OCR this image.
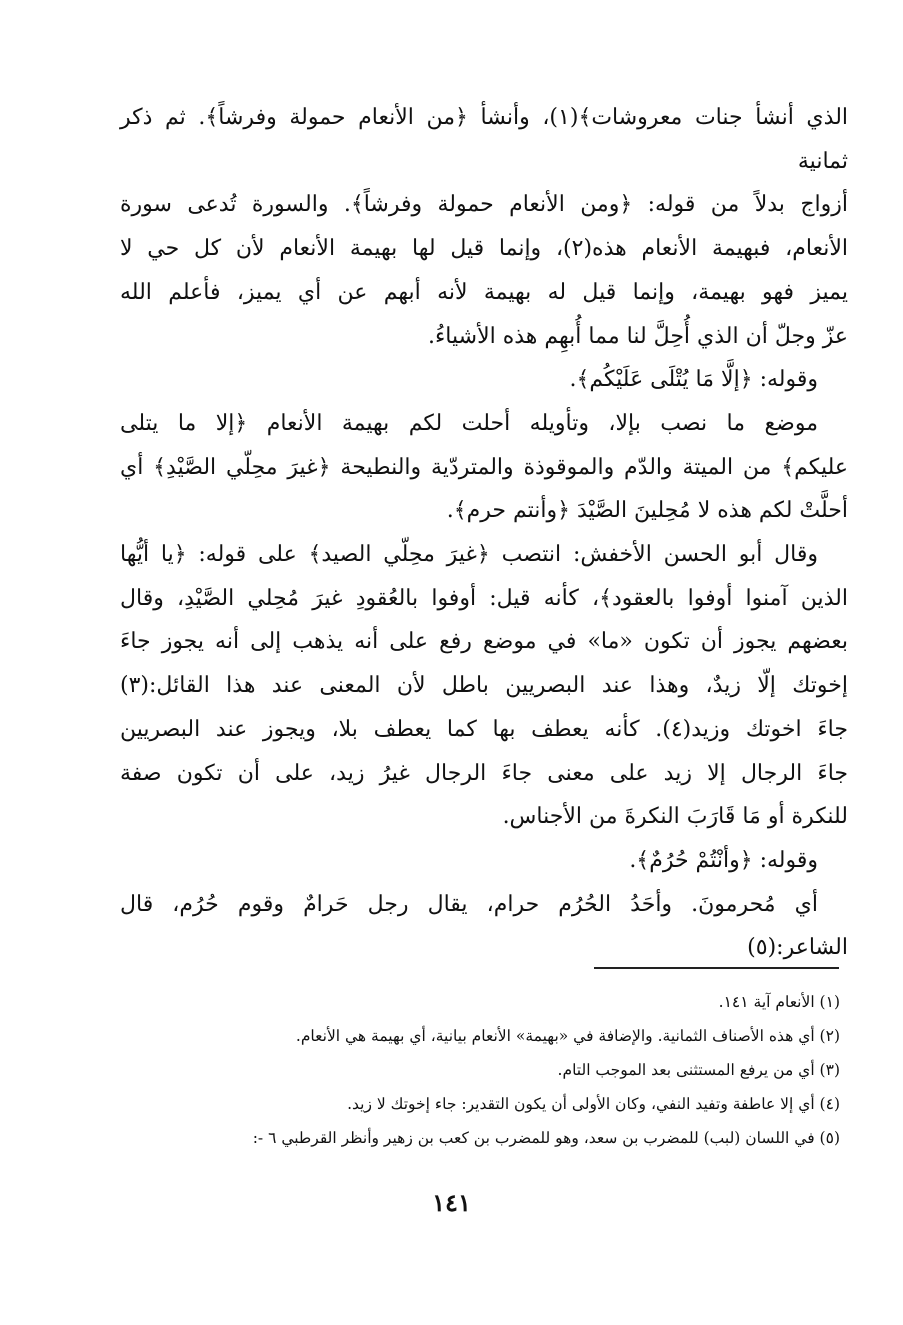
الذي أنشأ جنات معروشات﴾(١)، وأنشأ ﴿من الأنعام حمولة وفرشاً﴾. ثم ذكر ثمانية
أزواج بدلاً من قوله: ﴿ومن الأنعام حمولة وفرشاً﴾. والسورة تُدعى سورة
الأنعام، فبهيمة الأنعام هذه(٢)، وإنما قيل لها بهيمة الأنعام لأن كل حي لا
يميز فهو بهيمة، وإنما قيل له بهيمة لأنه أبهم عن أي يميز، فأعلم الله
عزّ وجلّ أن الذي أُحِلَّ لنا مما أُبهِم هذه الأشياءُ.
وقوله: ﴿إلَّا مَا يُتْلَى عَلَيْكُم﴾.
موضع ما نصب بإلا، وتأويله أحلت لكم بهيمة الأنعام ﴿إلا ما يتلى
عليكم﴾ من الميتة والدّم والموقوذة والمتردّية والنطيحة ﴿غيرَ محِلّي الصَّيْدِ﴾ أي
أحلَّتْ لكم هذه لا مُحِلينَ الصَّيْدَ ﴿وأنتم حرم﴾.
وقال أبو الحسن الأخفش: انتصب ﴿غيرَ محِلّي الصيد﴾ على قوله: ﴿يا أيُّها
الذين آمنوا أوفوا بالعقود﴾، كأنه قيل: أوفوا بالعُقودِ غيرَ مُحِلي الصَّيْدِ، وقال
بعضهم يجوز أن تكون «ما» في موضع رفع على أنه يذهب إلى أنه يجوز جاءَ
إخوتك إلّا زيدٌ، وهذا عند البصريين باطل لأن المعنى عند هذا القائل:(٣)
جاءَ اخوتك وزيد(٤). كأنه يعطف بها كما يعطف بلا، ويجوز عند البصريين
جاءَ الرجال إلا زيد على معنى جاءَ الرجال غيرُ زيد، على أن تكون صفة
للنكرة أو مَا قَارَبَ النكرةَ من الأجناس.
وقوله: ﴿وأنْتُمْ حُرُمٌ﴾.
أي مُحرمونَ. وأحَدُ الحُرُم حرام، يقال رجل حَرامٌ وقوم حُرُم، قال
الشاعر:(٥)
(١) الأنعام آية ١٤١.
(٢) أي هذه الأصناف الثمانية. والإضافة في «بهيمة» الأنعام بيانية، أي بهيمة هي الأنعام.
(٣) أي من يرفع المستثنى بعد الموجب التام.
(٤) أي إلا عاطفة وتفيد النفي، وكان الأولى أن يكون التقدير: جاء إخوتك لا زيد.
(٥) في اللسان (لبب) للمضرب بن سعد، وهو للمضرب بن كعب بن زهير وأنظر القرطبي ٦ -:
١٤١
